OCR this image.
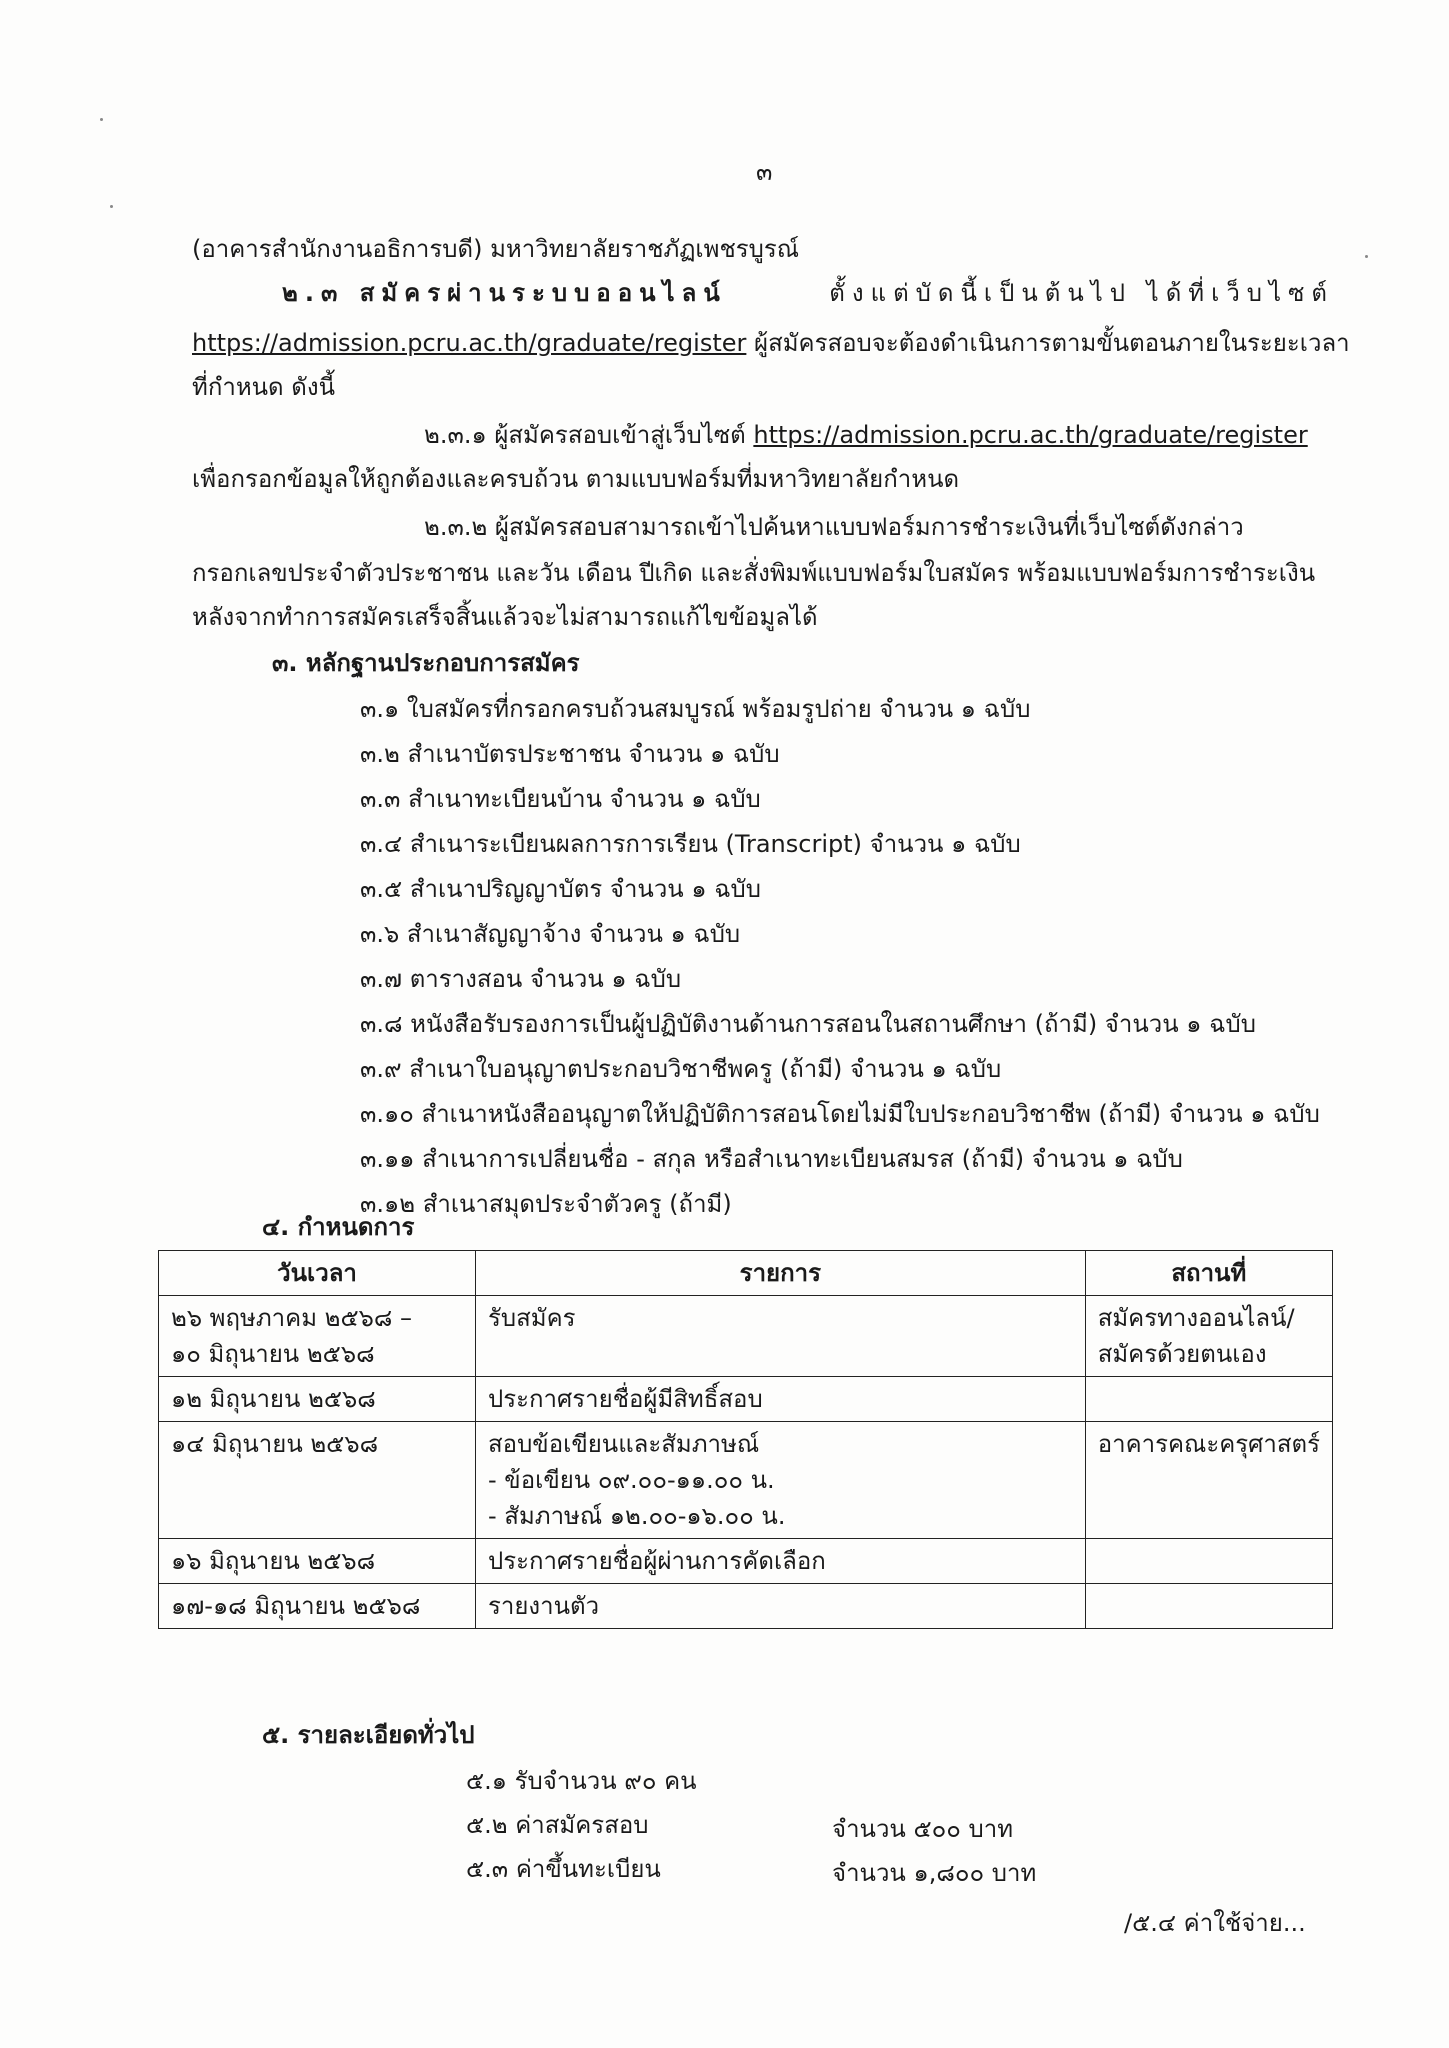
๓
(อาคารสำนักงานอธิการบดี) มหาวิทยาลัยราชภัฏเพชรบูรณ์
๒.๓ สมัครผ่านระบบออนไลน์	ตั้งแต่บัดนี้เป็นต้นไป ได้ที่เว็บไซต์
https://admission.pcru.ac.th/graduate/register ผู้สมัครสอบจะต้องดำเนินการตามขั้นตอนภายในระยะเวลา
ที่กำหนด ดังนี้
๒.๓.๑ ผู้สมัครสอบเข้าสู่เว็บไซต์ https://admission.pcru.ac.th/graduate/register
เพื่อกรอกข้อมูลให้ถูกต้องและครบถ้วน ตามแบบฟอร์มที่มหาวิทยาลัยกำหนด
๒.๓.๒ ผู้สมัครสอบสามารถเข้าไปค้นหาแบบฟอร์มการชำระเงินที่เว็บไซต์ดังกล่าว
กรอกเลขประจำตัวประชาชน และวัน เดือน ปีเกิด และสั่งพิมพ์แบบฟอร์มใบสมัคร พร้อมแบบฟอร์มการชำระเงิน
หลังจากทำการสมัครเสร็จสิ้นแล้วจะไม่สามารถแก้ไขข้อมูลได้
๓. หลักฐานประกอบการสมัคร
๓.๑ ใบสมัครที่กรอกครบถ้วนสมบูรณ์ พร้อมรูปถ่าย จำนวน ๑ ฉบับ
๓.๒ สำเนาบัตรประชาชน จำนวน ๑ ฉบับ
๓.๓ สำเนาทะเบียนบ้าน จำนวน ๑ ฉบับ
๓.๔ สำเนาระเบียนผลการการเรียน (Transcript) จำนวน ๑ ฉบับ
๓.๕ สำเนาปริญญาบัตร จำนวน ๑ ฉบับ
๓.๖ สำเนาสัญญาจ้าง จำนวน ๑ ฉบับ
๓.๗ ตารางสอน จำนวน ๑ ฉบับ
๓.๘ หนังสือรับรองการเป็นผู้ปฏิบัติงานด้านการสอนในสถานศึกษา (ถ้ามี) จำนวน ๑ ฉบับ
๓.๙ สำเนาใบอนุญาตประกอบวิชาชีพครู (ถ้ามี) จำนวน ๑ ฉบับ
๓.๑๐ สำเนาหนังสืออนุญาตให้ปฏิบัติการสอนโดยไม่มีใบประกอบวิชาชีพ (ถ้ามี) จำนวน ๑ ฉบับ
๓.๑๑ สำเนาการเปลี่ยนชื่อ - สกุล หรือสำเนาทะเบียนสมรส (ถ้ามี) จำนวน ๑ ฉบับ
๓.๑๒ สำเนาสมุดประจำตัวครู (ถ้ามี)
๔. กำหนดการ
วันเวลา	รายการ	สถานที่

๒๖ พฤษภาคม ๒๕๖๘ –
๑๐ มิถุนายน ๒๕๖๘	รับสมัคร	สมัครทางออนไลน์/
สมัครด้วยตนเอง

๑๒ มิถุนายน ๒๕๖๘	ประกาศรายชื่อผู้มีสิทธิ์สอบ	

๑๔ มิถุนายน ๒๕๖๘	สอบข้อเขียนและสัมภาษณ์
- ข้อเขียน ๐๙.๐๐-๑๑.๐๐ น.
- สัมภาษณ์ ๑๒.๐๐-๑๖.๐๐ น.	อาคารคณะครุศาสตร์

๑๖ มิถุนายน ๒๕๖๘	ประกาศรายชื่อผู้ผ่านการคัดเลือก	

๑๗-๑๘ มิถุนายน ๒๕๖๘	รายงานตัว	

๕. รายละเอียดทั่วไป
๕.๑ รับจำนวน ๙๐ คน
๕.๒ ค่าสมัครสอบ	จำนวน ๕๐๐ บาท
๕.๓ ค่าขึ้นทะเบียน	จำนวน ๑,๘๐๐ บาท
/๕.๔ ค่าใช้จ่าย...
